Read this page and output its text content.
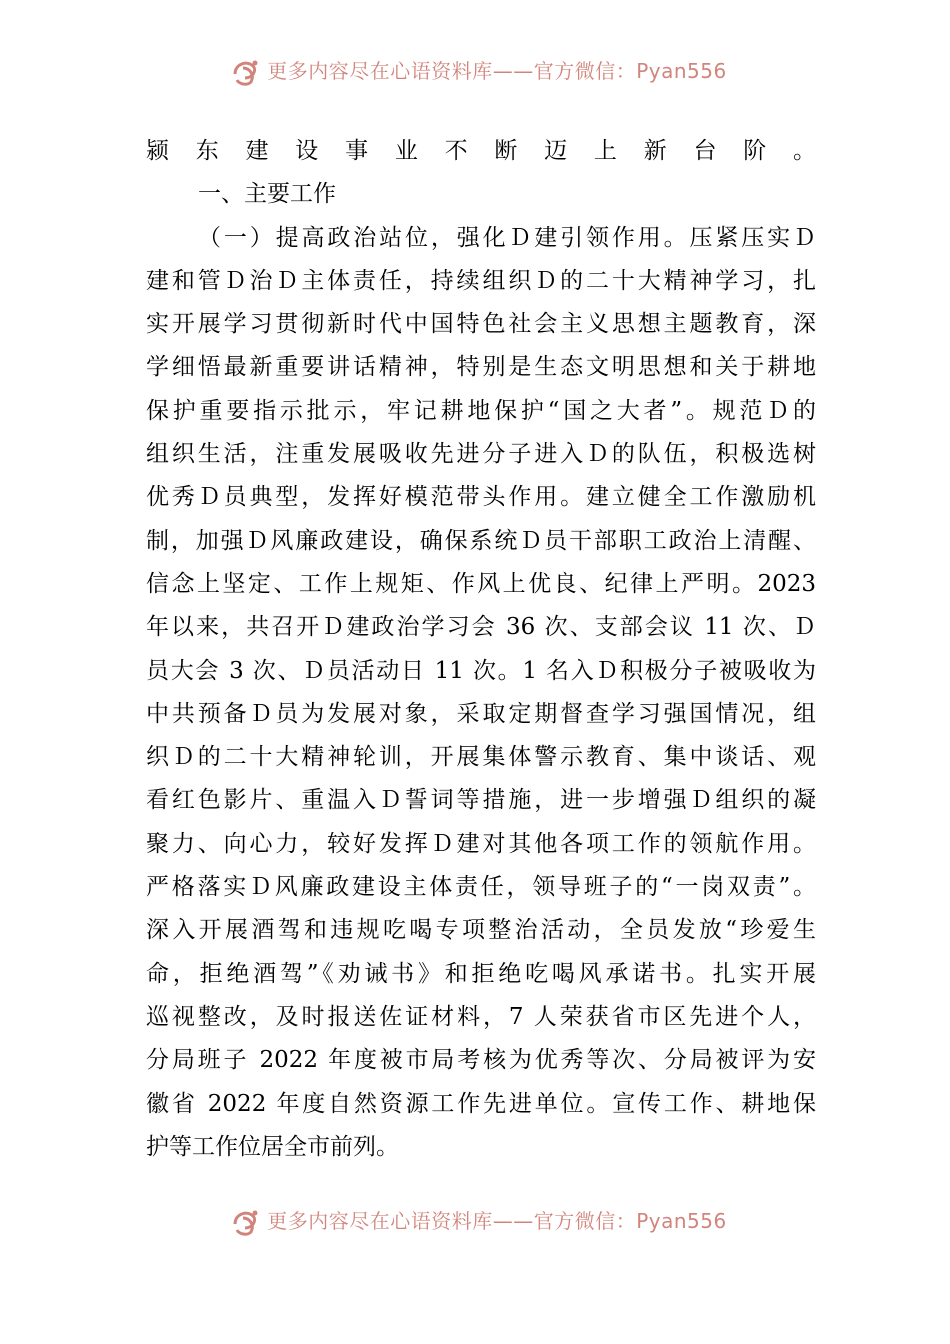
更多内容尽在心语资料库——官方微信：Pyan556
颍东建设事业不断迈上新台阶。
一、主要工作
（一）提高政治站位，强化Ｄ建引领作用。压紧压实Ｄ
建和管Ｄ治Ｄ主体责任，持续组织Ｄ的二十大精神学习，扎
实开展学习贯彻新时代中国特色社会主义思想主题教育，深
学细悟最新重要讲话精神，特别是生态文明思想和关于耕地
保护重要指示批示，牢记耕地保护“国之大者”。规范Ｄ的
组织生活，注重发展吸收先进分子进入Ｄ的队伍，积极选树
优秀Ｄ员典型，发挥好模范带头作用。建立健全工作激励机
制，加强Ｄ风廉政建设，确保系统Ｄ员干部职工政治上清醒、
信念上坚定、工作上规矩、作风上优良、纪律上严明。2023
年以来，共召开Ｄ建政治学习会 36 次、支部会议 11 次、Ｄ
员大会 3 次、Ｄ员活动日 11 次。1 名入Ｄ积极分子被吸收为
中共预备Ｄ员为发展对象，采取定期督查学习强国情况，组
织Ｄ的二十大精神轮训，开展集体警示教育、集中谈话、观
看红色影片、重温入Ｄ誓词等措施，进一步增强Ｄ组织的凝
聚力、向心力，较好发挥Ｄ建对其他各项工作的领航作用。
严格落实Ｄ风廉政建设主体责任，领导班子的“一岗双责”。
深入开展酒驾和违规吃喝专项整治活动，全员发放“珍爱生
命，拒绝酒驾”《劝诫书》和拒绝吃喝风承诺书。扎实开展
巡视整改，及时报送佐证材料，7 人荣获省市区先进个人，
分局班子 2022 年度被市局考核为优秀等次、分局被评为安
徽省 2022 年度自然资源工作先进单位。宣传工作、耕地保
护等工作位居全市前列。
更多内容尽在心语资料库——官方微信：Pyan556
